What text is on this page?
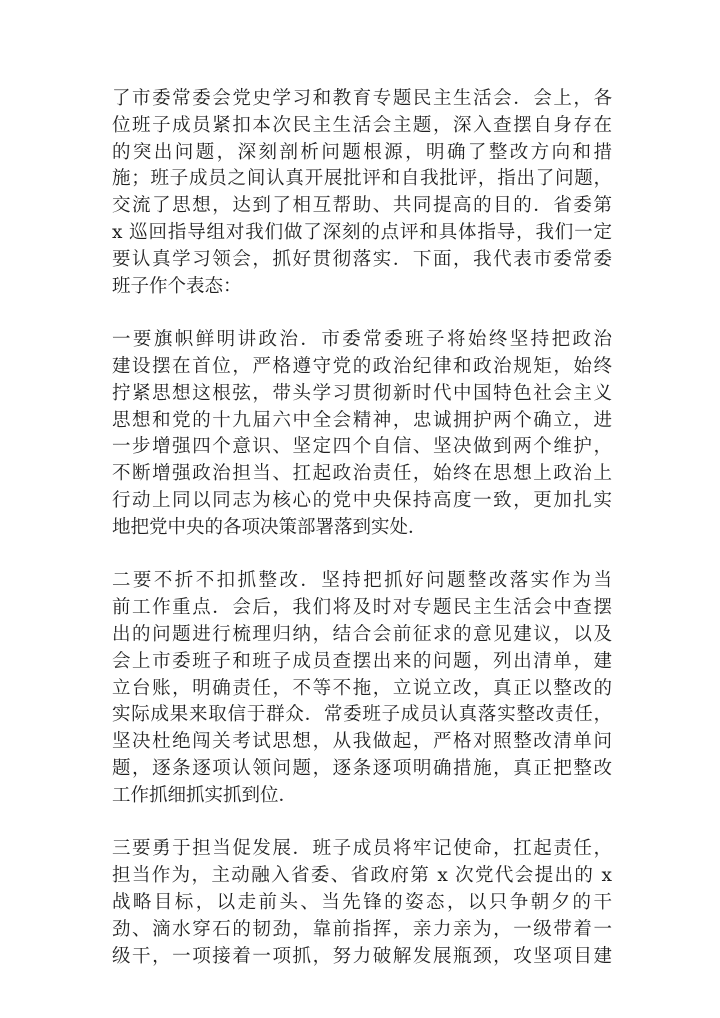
了市委常委会党史学习和教育专题民主生活会．会上，各
位班子成员紧扣本次民主生活会主题，深入查摆自身存在
的突出问题，深刻剖析问题根源，明确了整改方向和措
施；班子成员之间认真开展批评和自我批评，指出了问题，
交流了思想，达到了相互帮助、共同提高的目的．省委第
x 巡回指导组对我们做了深刻的点评和具体指导，我们一定
要认真学习领会，抓好贯彻落实．下面，我代表市委常委
班子作个表态：
一要旗帜鲜明讲政治．市委常委班子将始终坚持把政治
建设摆在首位，严格遵守党的政治纪律和政治规矩，始终
拧紧思想这根弦，带头学习贯彻新时代中国特色社会主义
思想和党的十九届六中全会精神，忠诚拥护两个确立，进
一步增强四个意识、坚定四个自信、坚决做到两个维护，
不断增强政治担当、扛起政治责任，始终在思想上政治上
行动上同以同志为核心的党中央保持高度一致，更加扎实
地把党中央的各项决策部署落到实处．
二要不折不扣抓整改．坚持把抓好问题整改落实作为当
前工作重点．会后，我们将及时对专题民主生活会中查摆
出的问题进行梳理归纳，结合会前征求的意见建议，以及
会上市委班子和班子成员查摆出来的问题，列出清单，建
立台账，明确责任，不等不拖，立说立改，真正以整改的
实际成果来取信于群众．常委班子成员认真落实整改责任，
坚决杜绝闯关考试思想，从我做起，严格对照整改清单问
题，逐条逐项认领问题，逐条逐项明确措施，真正把整改
工作抓细抓实抓到位．
三要勇于担当促发展．班子成员将牢记使命，扛起责任，
担当作为，主动融入省委、省政府第 x 次党代会提出的 x
战略目标，以走前头、当先锋的姿态，以只争朝夕的干
劲、滴水穿石的韧劲，靠前指挥，亲力亲为，一级带着一
级干，一项接着一项抓，努力破解发展瓶颈，攻坚项目建
